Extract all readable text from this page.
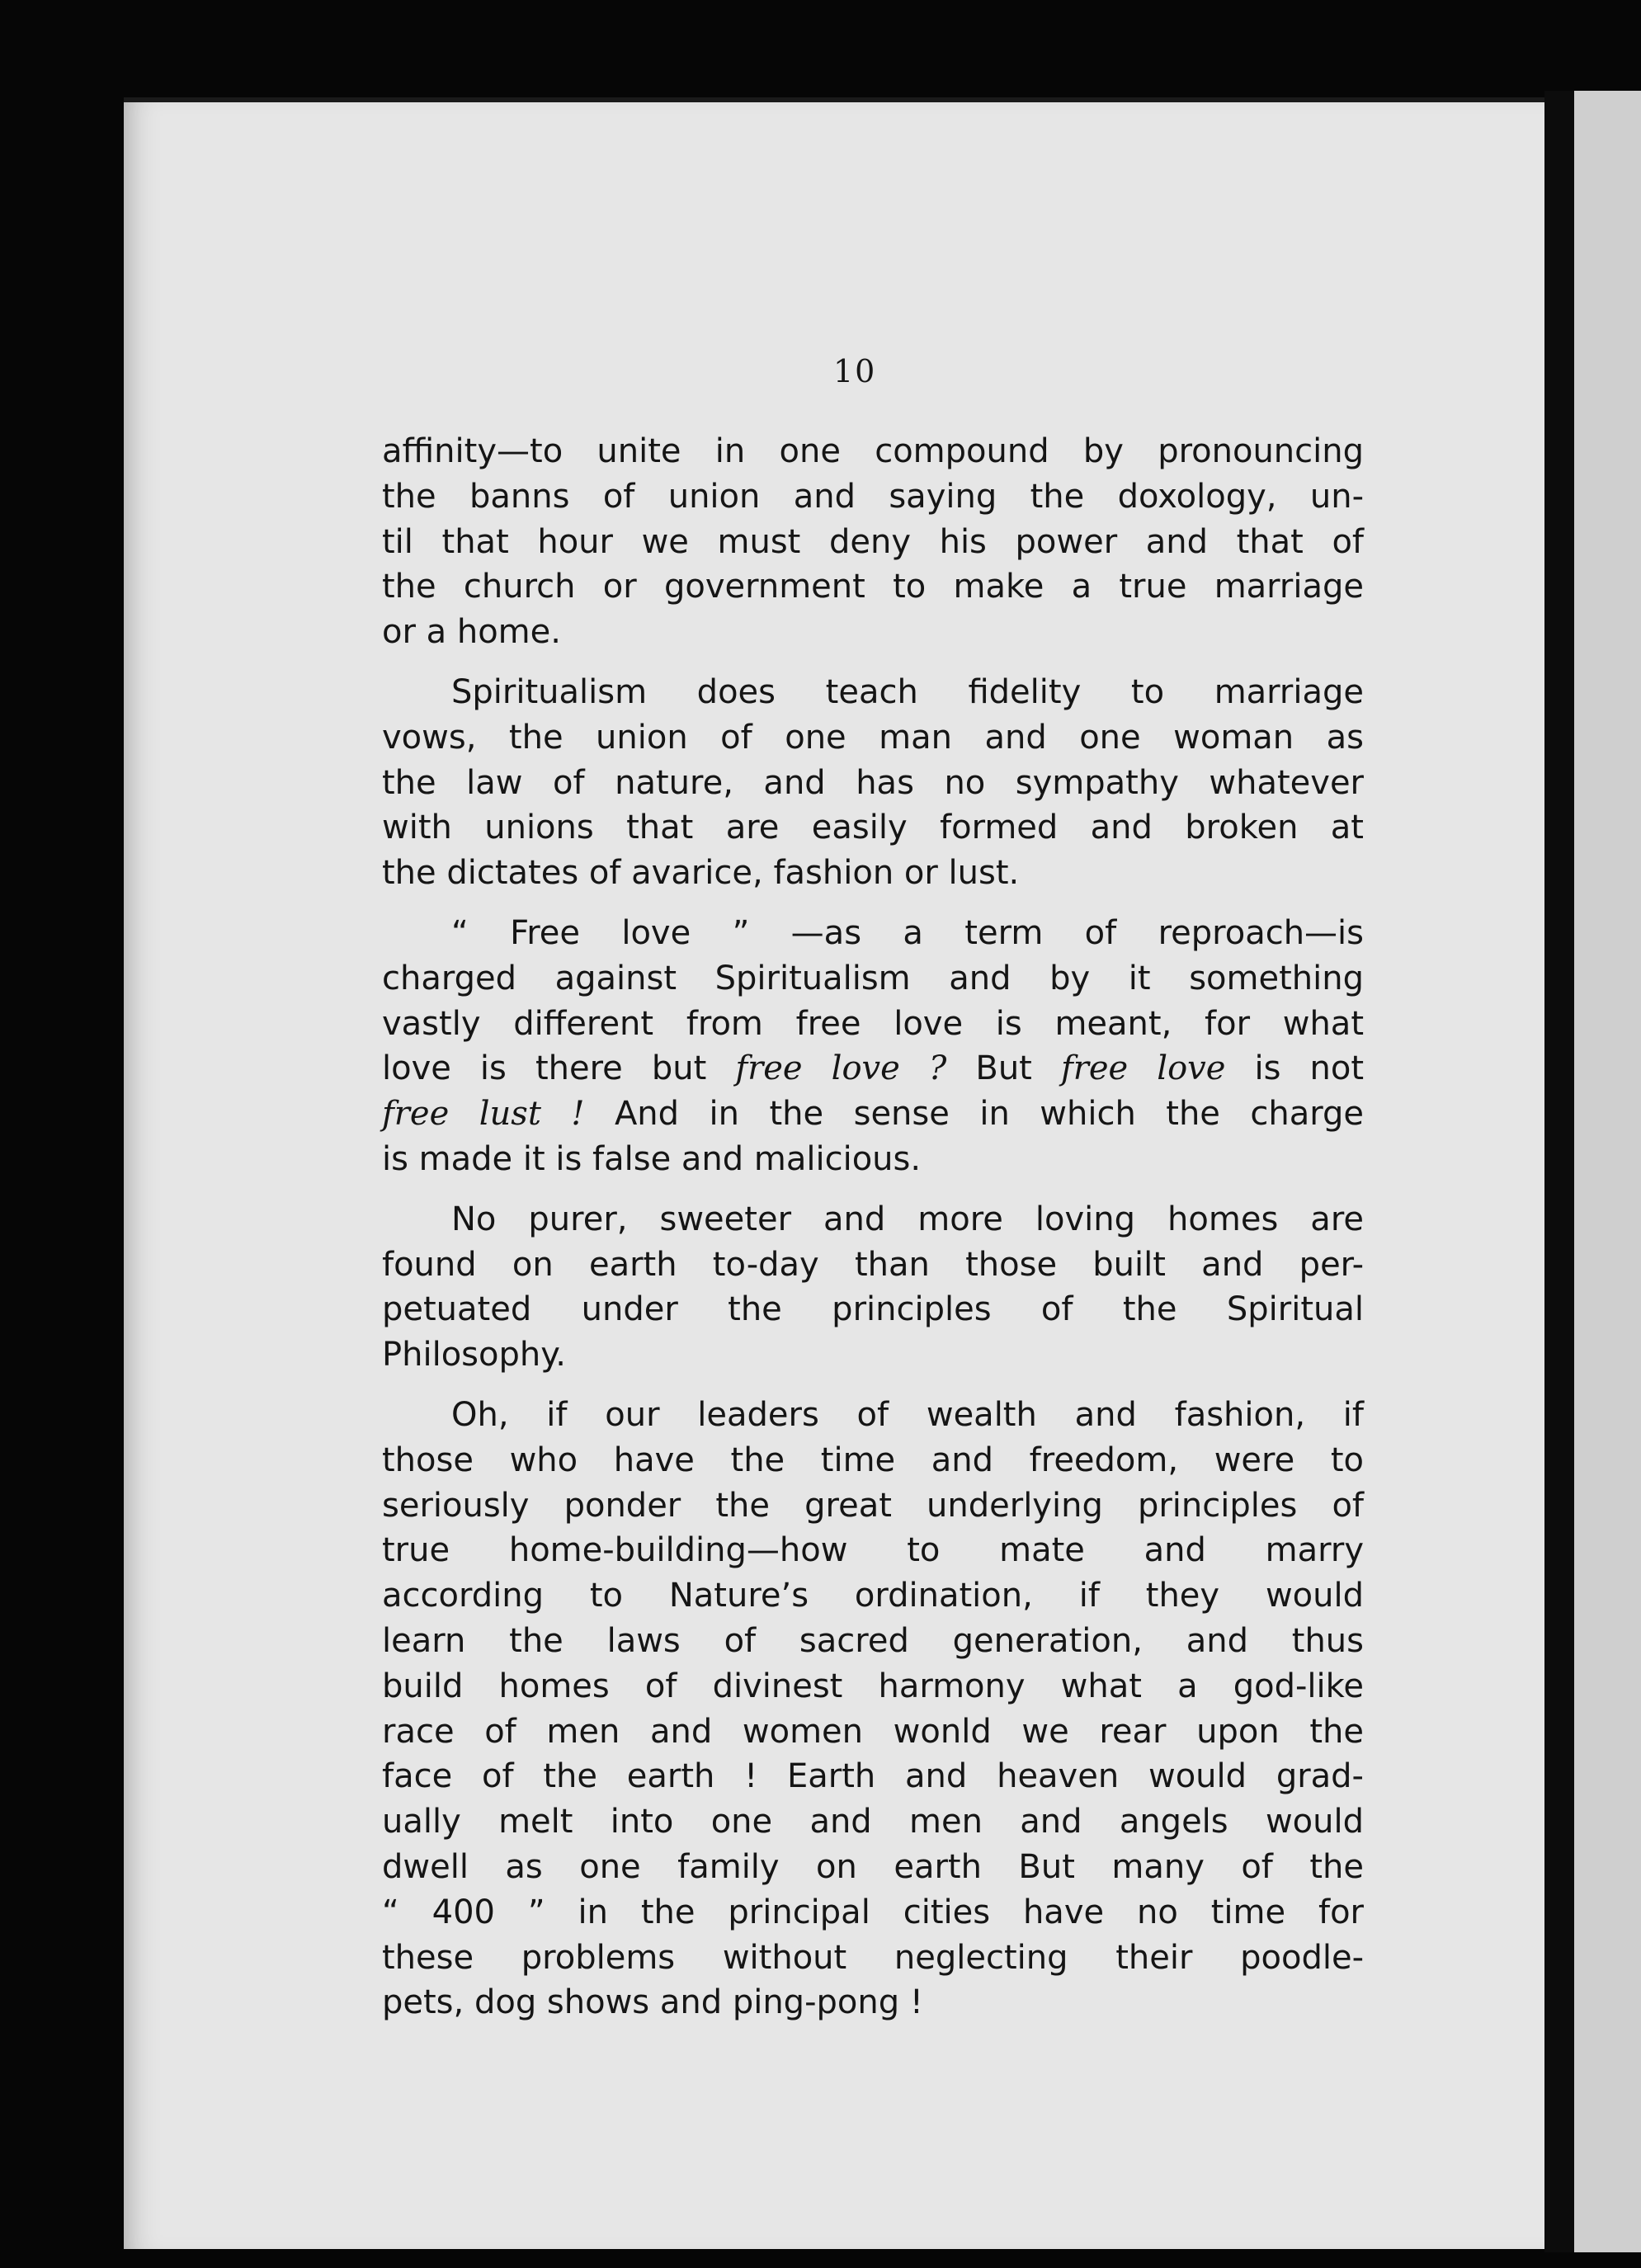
10

affinity—to unite in one compound by pronouncing
the banns of union and saying the doxology, un-
til that hour we must deny his power and that of
the church or government to make a true marriage
or a home.

Spiritualism does teach fidelity to marriage
vows, the union of one man and one woman as
the law of nature, and has no sympathy whatever
with unions that are easily formed and broken at
the dictates of avarice, fashion or lust.

“ Free love ” —as a term of reproach—is
charged against Spiritualism and by it something
vastly different from free love is meant, for what
love is there but free love ? But free love is not
free lust ! And in the sense in which the charge
is made it is false and malicious.

No purer, sweeter and more loving homes are
found on earth to-day than those built and per-
petuated under the principles of the Spiritual
Philosophy.

Oh, if our leaders of wealth and fashion, if
those who have the time and freedom, were to
seriously ponder the great underlying principles of
true home-building—how to mate and marry
according to Nature’s ordination, if they would
learn the laws of sacred generation, and thus
build homes of divinest harmony what a god-like
race of men and women wonld we rear upon the
face of the earth ! Earth and heaven would grad-
ually melt into one and men and angels would
dwell as one family on earth But many of the
“ 400 ” in the principal cities have no time for
these problems without neglecting their poodle-
pets, dog shows and ping-pong !
